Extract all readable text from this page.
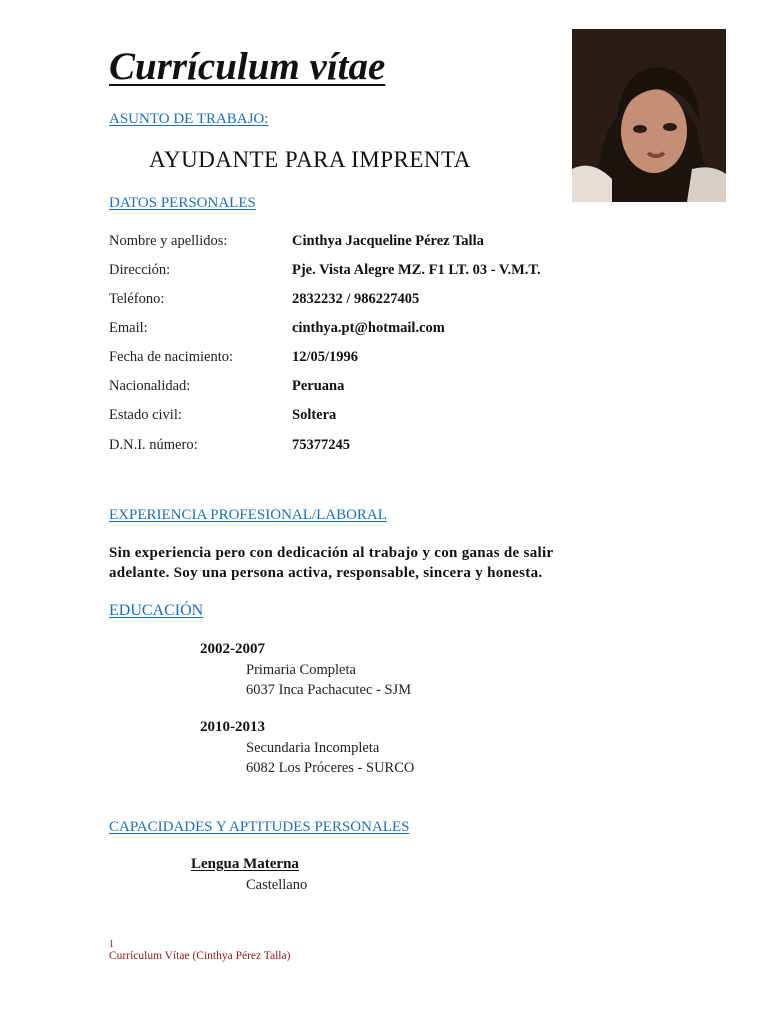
Currículum vítae
ASUNTO DE TRABAJO:
AYUDANTE PARA IMPRENTA
DATOS PERSONALES
Nombre y apellidos:	Cinthya Jacqueline Pérez Talla
Dirección:	Pje. Vista Alegre MZ. F1 LT. 03 - V.M.T.
Teléfono:	2832232 / 986227405
Email:	cinthya.pt@hotmail.com
Fecha de nacimiento:	12/05/1996
Nacionalidad:	Peruana
Estado civil:	Soltera
D.N.I. número:	75377245
EXPERIENCIA PROFESIONAL/LABORAL
Sin experiencia pero con dedicación al trabajo y con ganas de salir
adelante. Soy una persona activa, responsable, sincera y honesta.
EDUCACIÓN
2002-2007
Primaria Completa
6037 Inca Pachacutec - SJM
2010-2013
Secundaria Incompleta
6082 Los Próceres - SURCO
CAPACIDADES Y APTITUDES PERSONALES
Lengua Materna
Castellano
1
Currículum Vítae (Cinthya Pérez Talla)
